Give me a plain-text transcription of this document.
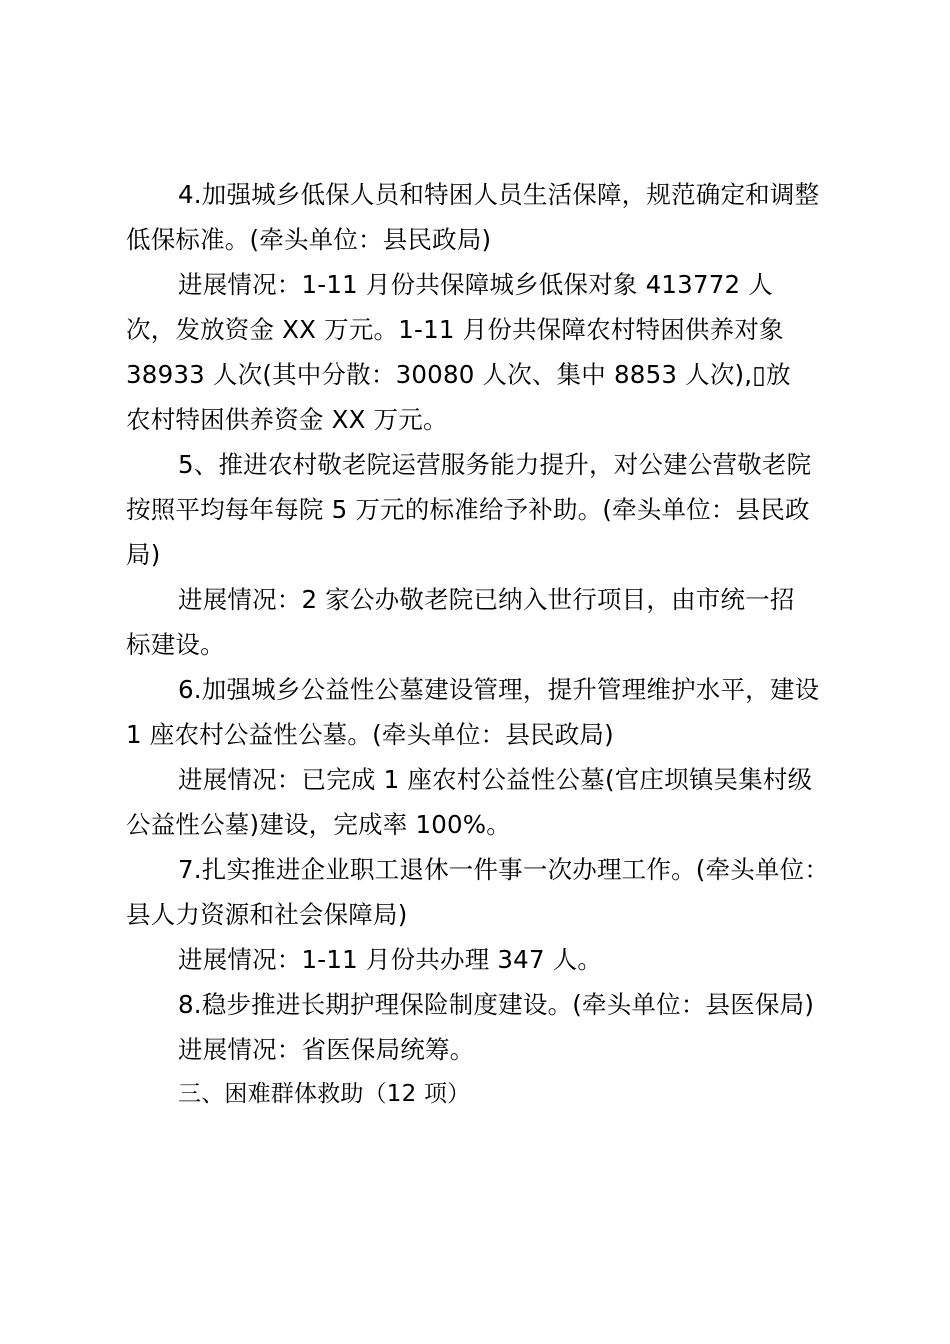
4.加强城乡低保人员和特困人员生活保障，规范确定和调整
低保标准。(牵头单位：县民政局)
进展情况：1-11 月份共保障城乡低保对象 413772 人
次，发放资金 XX 万元。1-11 月份共保障农村特困供养对象
38933 人次(其中分散：30080 人次、集中 8853 人次),▯放
农村特困供养资金 XX 万元。
5、推进农村敬老院运营服务能力提升，对公建公营敬老院
按照平均每年每院 5 万元的标准给予补助。(牵头单位：县民政
局)
进展情况：2 家公办敬老院已纳入世行项目，由市统一招
标建设。
6.加强城乡公益性公墓建设管理，提升管理维护水平，建设
1 座农村公益性公墓。(牵头单位：县民政局)
进展情况：已完成 1 座农村公益性公墓(官庄坝镇吴集村级
公益性公墓)建设，完成率 100%。
7.扎实推进企业职工退休一件事一次办理工作。(牵头单位：
县人力资源和社会保障局)
进展情况：1-11 月份共办理 347 人。
8.稳步推进长期护理保险制度建设。(牵头单位：县医保局)
进展情况：省医保局统筹。
三、困难群体救助（12 项）
